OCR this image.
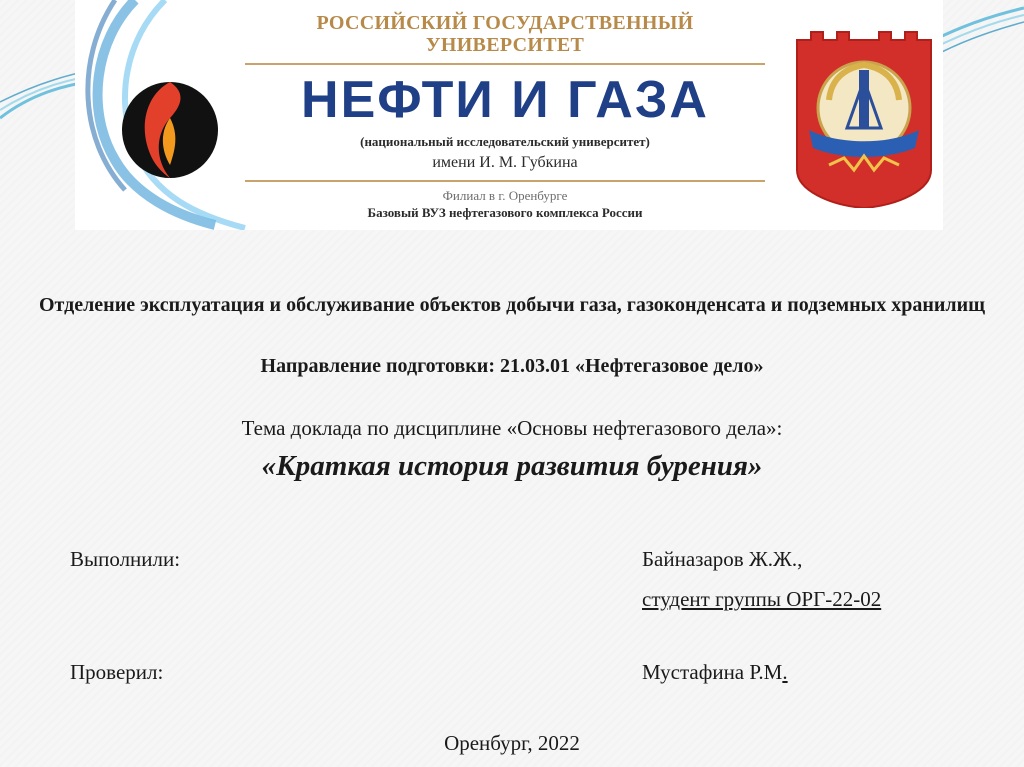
РОССИЙСКИЙ ГОСУДАРСТВЕННЫЙ
УНИВЕРСИТЕТ
НЕФТИ И ГАЗА
(национальный исследовательский университет)
имени И. М. Губкина
Филиал в г. Оренбурге
Базовый ВУЗ нефтегазового комплекса России
Отделение эксплуатация и обслуживание объектов добычи газа, газоконденсата и подземных хранилищ
Направление подготовки: 21.03.01 «Нефтегазовое дело»
Тема доклада по дисциплине «Основы нефтегазового дела»:
«Краткая история развития бурения»
Выполнили:	Байназаров Ж.Ж.,
студент группы ОРГ-22-02
Проверил:	Мустафина Р.М.
Оренбург, 2022
